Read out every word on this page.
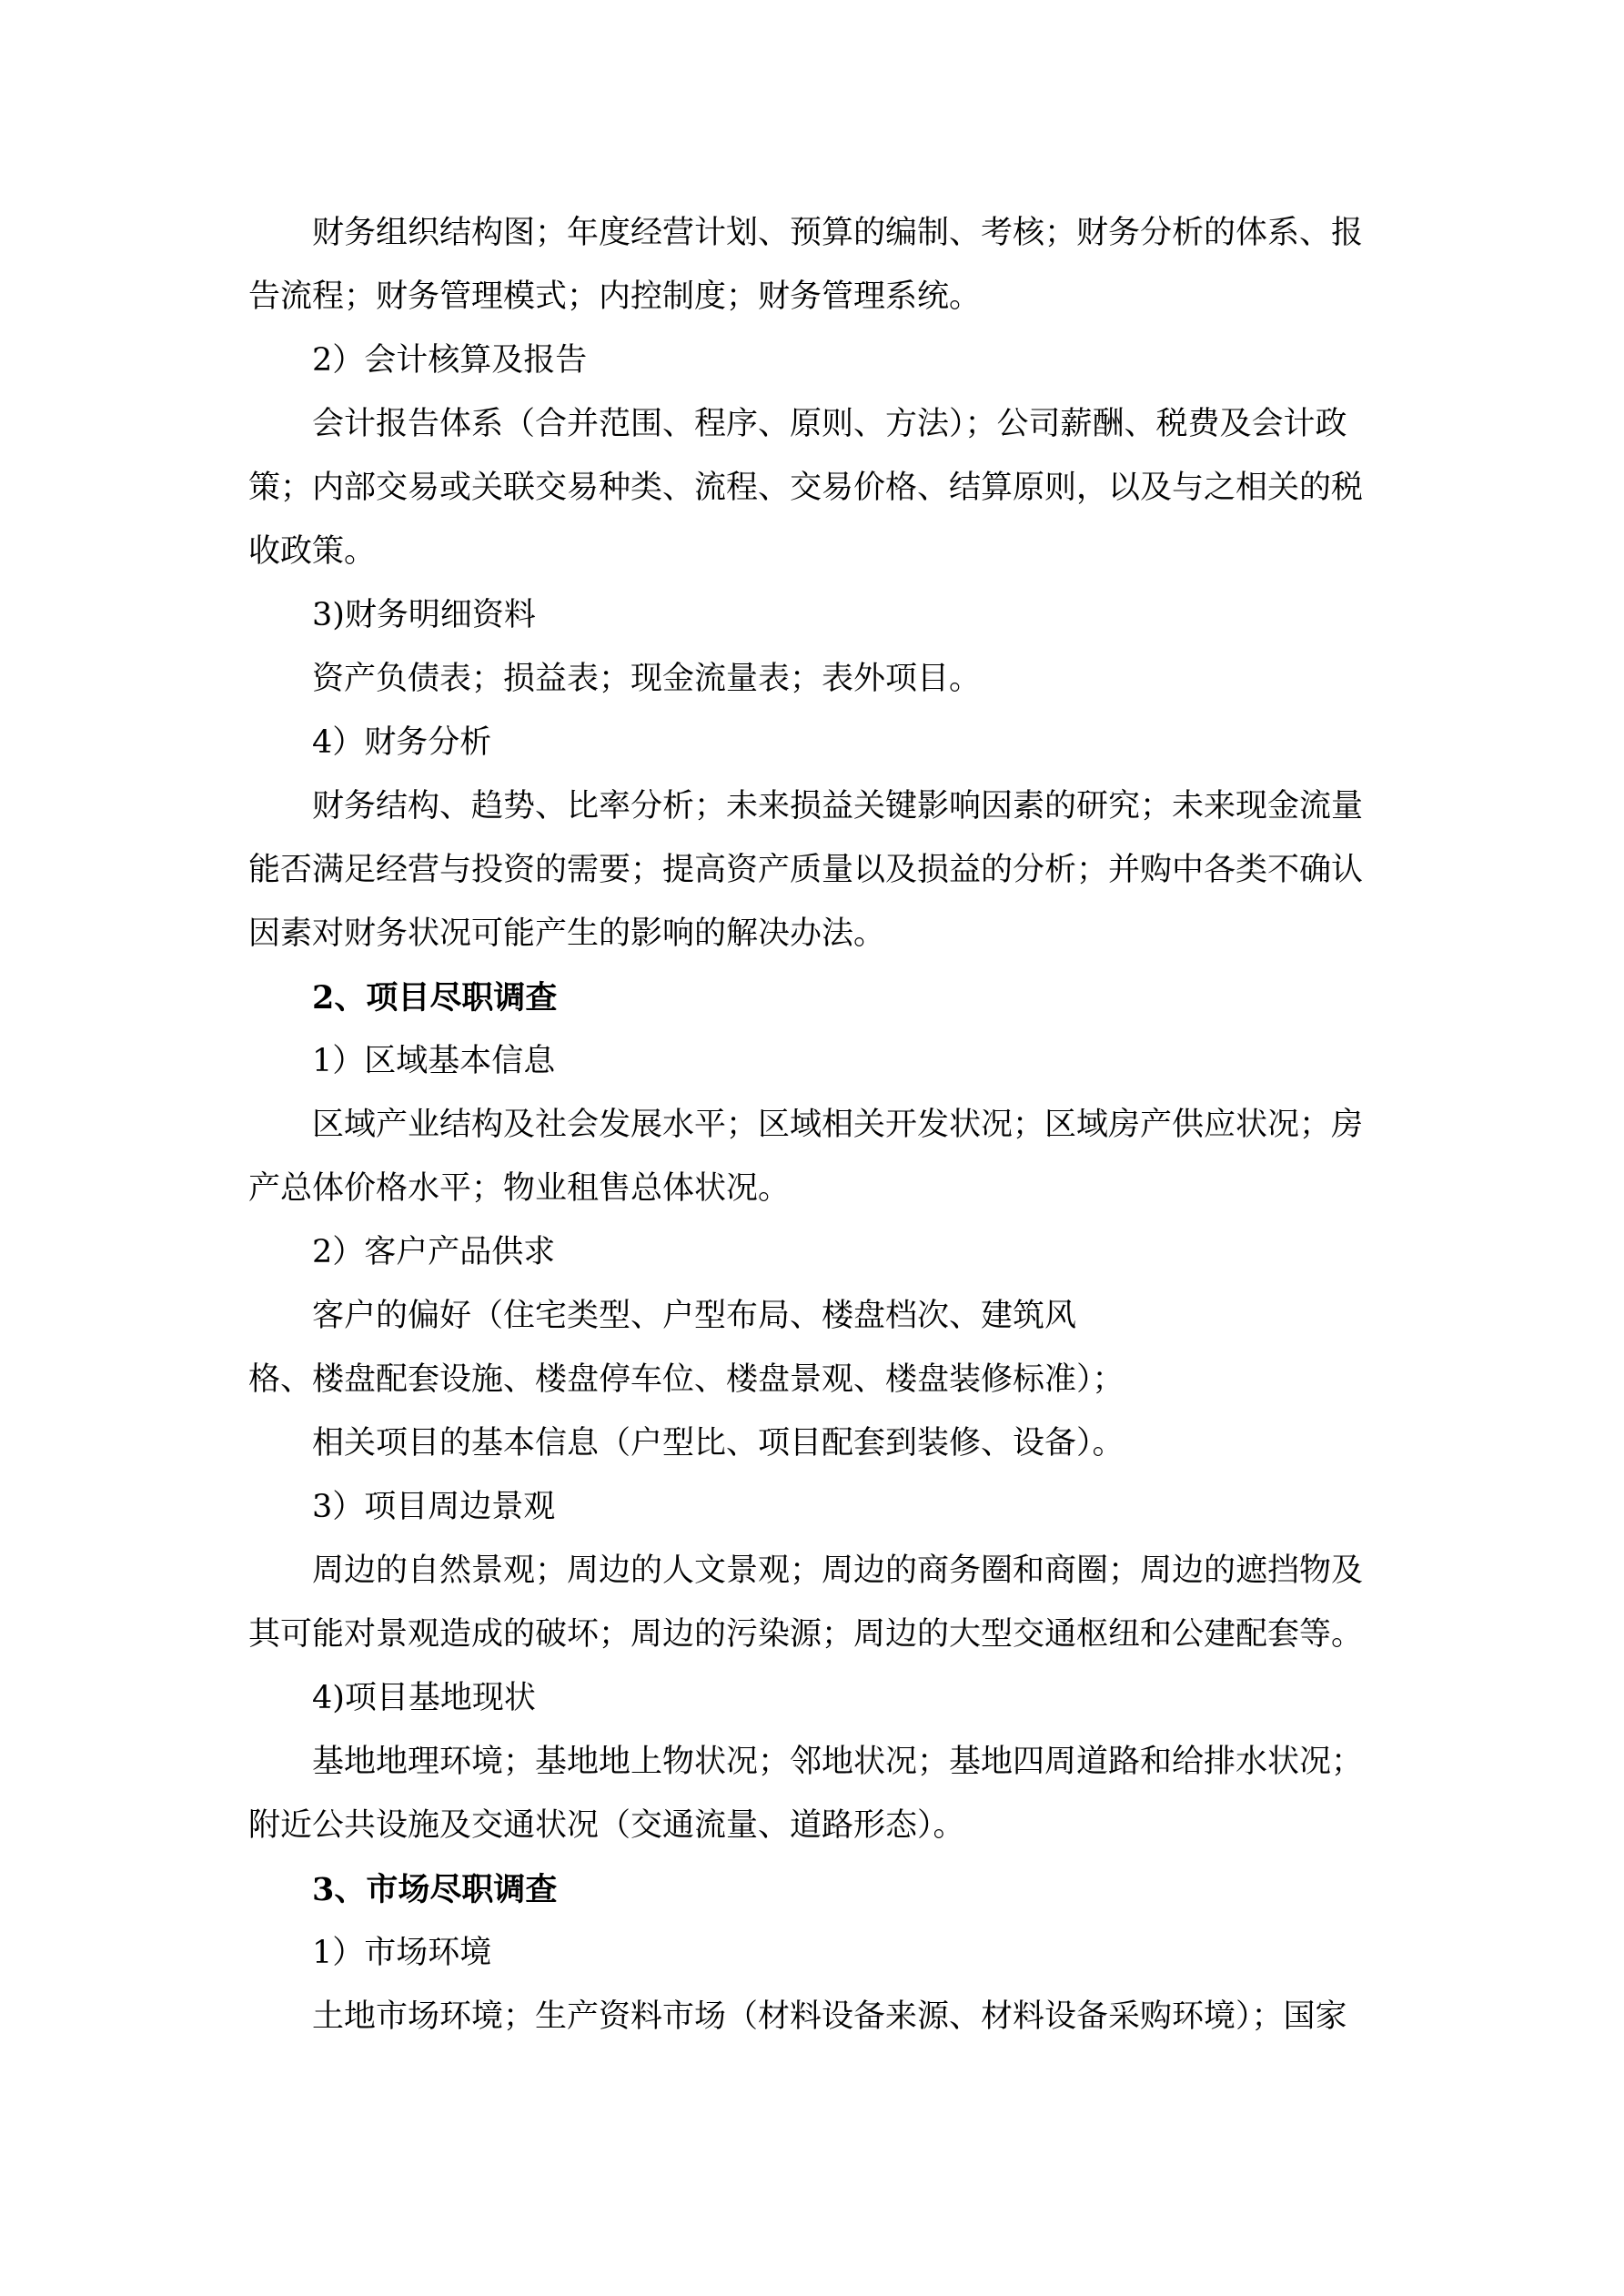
财务组织结构图；年度经营计划、预算的编制、考核；财务分析的体系、报
告流程；财务管理模式；内控制度；财务管理系统。
2）会计核算及报告
会计报告体系（合并范围、程序、原则、方法）；公司薪酬、税费及会计政
策；内部交易或关联交易种类、流程、交易价格、结算原则，以及与之相关的税
收政策。
3)财务明细资料
资产负债表；损益表；现金流量表；表外项目。
4）财务分析
财务结构、趋势、比率分析；未来损益关键影响因素的研究；未来现金流量
能否满足经营与投资的需要；提高资产质量以及损益的分析；并购中各类不确认
因素对财务状况可能产生的影响的解决办法。
2、项目尽职调查
1）区域基本信息
区域产业结构及社会发展水平；区域相关开发状况；区域房产供应状况；房
产总体价格水平；物业租售总体状况。
2）客户产品供求
客户的偏好（住宅类型、户型布局、楼盘档次、建筑风
格、楼盘配套设施、楼盘停车位、楼盘景观、楼盘装修标准）；
相关项目的基本信息（户型比、项目配套到装修、设备）。
3）项目周边景观
周边的自然景观；周边的人文景观；周边的商务圈和商圈；周边的遮挡物及
其可能对景观造成的破坏；周边的污染源；周边的大型交通枢纽和公建配套等。
4)项目基地现状
基地地理环境；基地地上物状况；邻地状况；基地四周道路和给排水状况；
附近公共设施及交通状况（交通流量、道路形态）。
3、市场尽职调查
1）市场环境
土地市场环境；生产资料市场（材料设备来源、材料设备采购环境）；国家
